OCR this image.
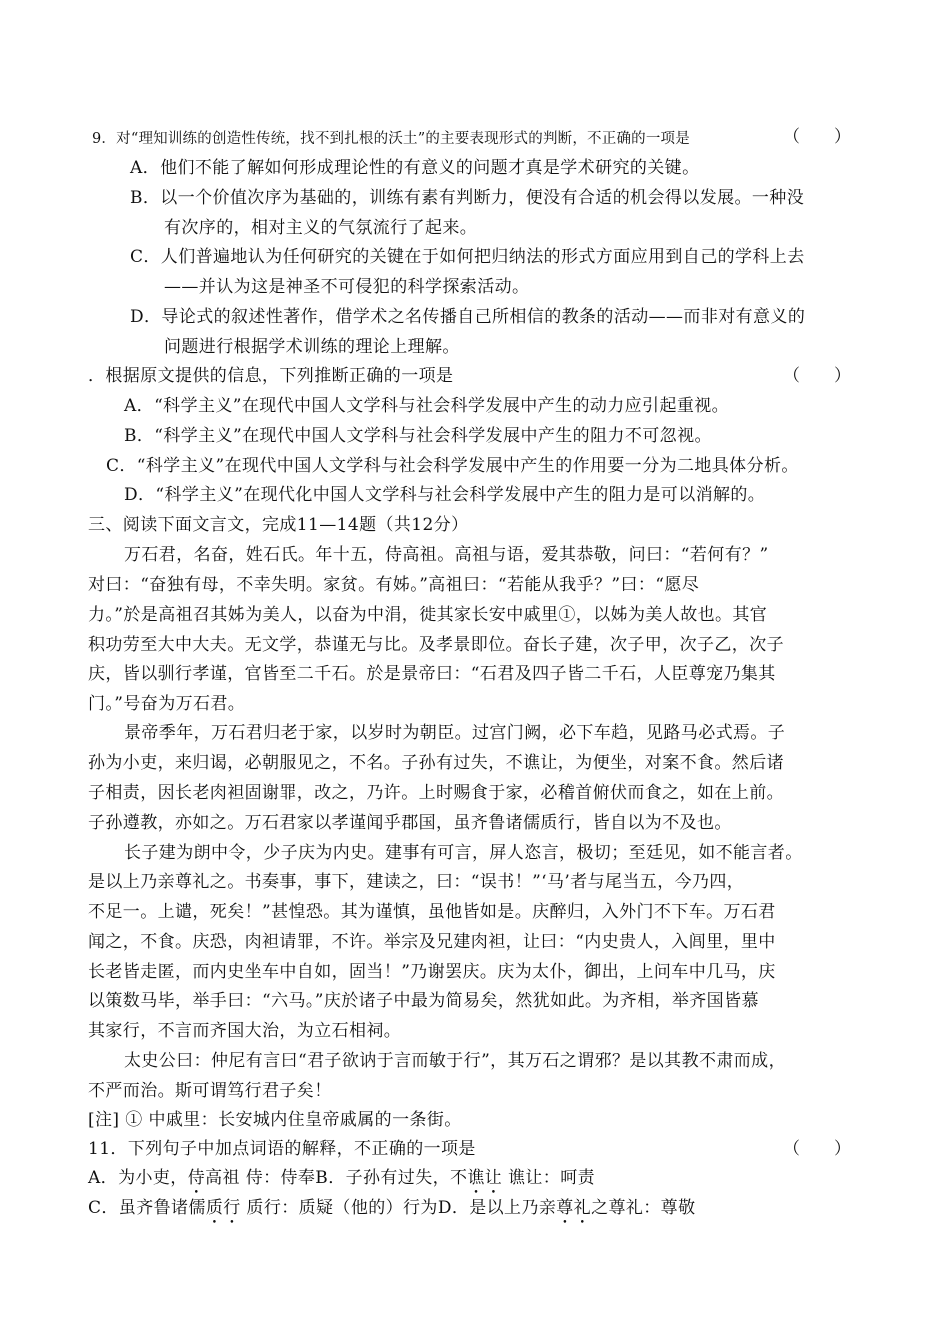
9．对“理知训练的创造性传统，找不到扎根的沃土”的主要表现形式的判断，不正确的一项是	（　　）
A．他们不能了解如何形成理论性的有意义的问题才真是学术研究的关键。
B．以一个价值次序为基础的，训练有素有判断力，便没有合适的机会得以发展。一种没
有次序的，相对主义的气氛流行了起来。
C．人们普遍地认为任何研究的关键在于如何把归纳法的形式方面应用到自己的学科上去
——并认为这是神圣不可侵犯的科学探索活动。
D．导论式的叙述性著作，借学术之名传播自己所相信的教条的活动——而非对有意义的
问题进行根据学术训练的理论上理解。
．根据原文提供的信息，下列推断正确的一项是	（　　）
A．“科学主义”在现代中国人文学科与社会科学发展中产生的动力应引起重视。
B．“科学主义”在现代中国人文学科与社会科学发展中产生的阻力不可忽视。
C．“科学主义”在现代中国人文学科与社会科学发展中产生的作用要一分为二地具体分析。
D．“科学主义”在现代化中国人文学科与社会科学发展中产生的阻力是可以消解的。
三、阅读下面文言文，完成11—14题（共12分）
万石君，名奋，姓石氏。年十五，侍高祖。高祖与语，爱其恭敬，问曰：“若何有？”
对曰：“奋独有母，不幸失明。家贫。有姊。”高祖曰：“若能从我乎？”曰：“愿尽
力。”於是高祖召其姊为美人，以奋为中涓，徙其家长安中戚里①，以姊为美人故也。其官
积功劳至大中大夫。无文学，恭谨无与比。及孝景即位。奋长子建，次子甲，次子乙，次子
庆，皆以驯行孝谨，官皆至二千石。於是景帝曰：“石君及四子皆二千石，人臣尊宠乃集其
门。”号奋为万石君。
景帝季年，万石君归老于家，以岁时为朝臣。过宫门阙，必下车趋，见路马必式焉。子
孙为小吏，来归谒，必朝服见之，不名。子孙有过失，不谯让，为便坐，对案不食。然后诸
子相责，因长老肉袒固谢罪，改之，乃许。上时赐食于家，必稽首俯伏而食之，如在上前。
子孙遵教，亦如之。万石君家以孝谨闻乎郡国，虽齐鲁诸儒质行，皆自以为不及也。
长子建为朗中令，少子庆为内史。建事有可言，屏人恣言，极切；至廷见，如不能言者。
是以上乃亲尊礼之。书奏事，事下，建读之，曰：“误书！”‘马’者与尾当五，今乃四，
不足一。上谴，死矣！”甚惶恐。其为谨慎，虽他皆如是。庆醉归，入外门不下车。万石君
闻之，不食。庆恐，肉袒请罪，不许。举宗及兄建肉袒，让曰：“内史贵人，入闾里，里中
长老皆走匿，而内史坐车中自如，固当！”乃谢罢庆。庆为太仆，御出，上问车中几马，庆
以策数马毕，举手曰：“六马。”庆於诸子中最为简易矣，然犹如此。为齐相，举齐国皆慕
其家行，不言而齐国大治，为立石相祠。
太史公曰：仲尼有言曰“君子欲讷于言而敏于行”，其万石之谓邪？是以其教不肃而成，
不严而治。斯可谓笃行君子矣！
[注] ① 中戚里：长安城内住皇帝戚属的一条街。
11．下列句子中加点词语的解释，不正确的一项是	（　　）
A．为小吏，侍高祖 侍：侍奉B．子孙有过失，不谯让 谯让：呵责
C．虽齐鲁诸儒质行 质行：质疑（他的）行为D．是以上乃亲尊礼之尊礼：尊敬
